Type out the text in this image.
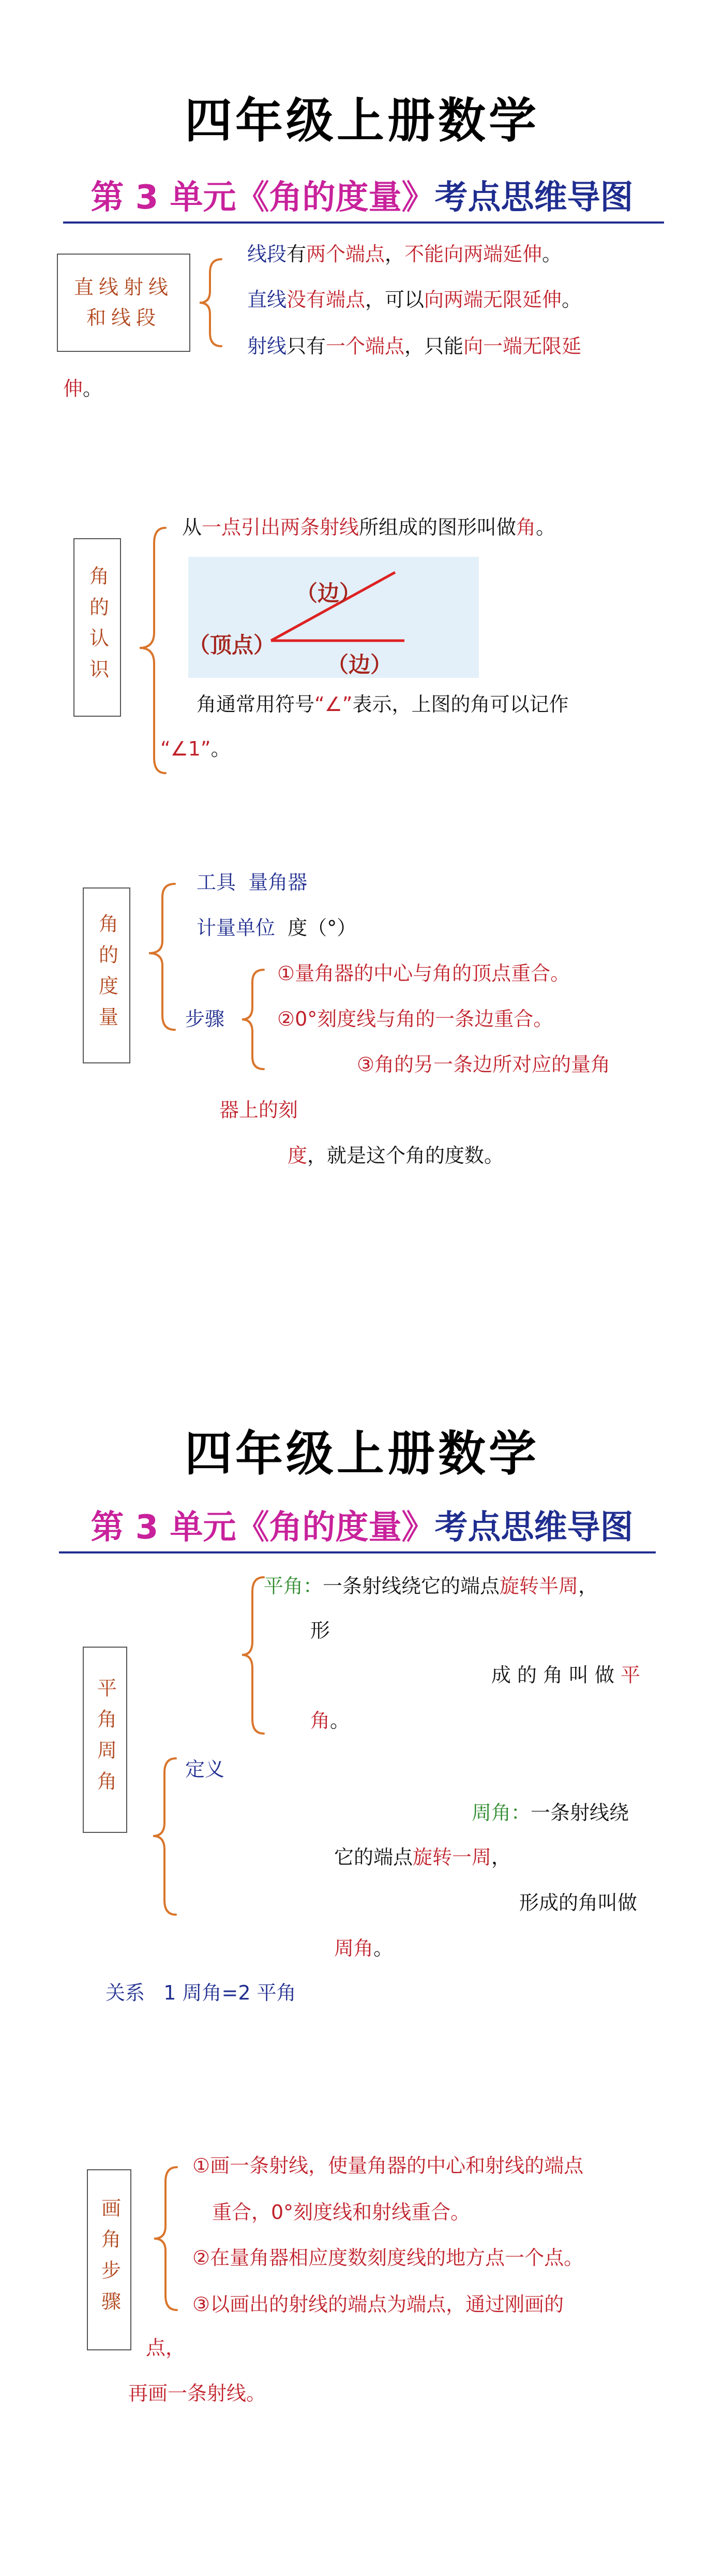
四年级上册数学
第 3 单元《角的度量》考点思维导图
直线射线和线段
线段有两个端点，不能向两端延伸。
直线没有端点，可以向两端无限延伸。
射线只有一个端点，只能向一端无限延
伸。
角的认识
从一点引出两条射线所组成的图形叫做角。
（边）
（顶点）
（边）
角通常用符号“∠”表示，上图的角可以记作
“∠1”。
角的度量
工具 量角器
计量单位 度（°）
步骤
①量角器的中心与角的顶点重合。
②0°刻度线与角的一条边重合。
③角的另一条边所对应的量角
器上的刻
度，就是这个角的度数。
四年级上册数学
第 3 单元《角的度量》考点思维导图
平角周角
平角：一条射线绕它的端点旋转半周，
形
成的角叫做平
角。
定义
周角：一条射线绕
它的端点旋转一周，
形成的角叫做
周角。
关系 1 周角=2 平角
画角步骤
①画一条射线，使量角器的中心和射线的端点
重合，0°刻度线和射线重合。
②在量角器相应度数刻度线的地方点一个点。
③以画出的射线的端点为端点，通过刚画的
点，
再画一条射线。
